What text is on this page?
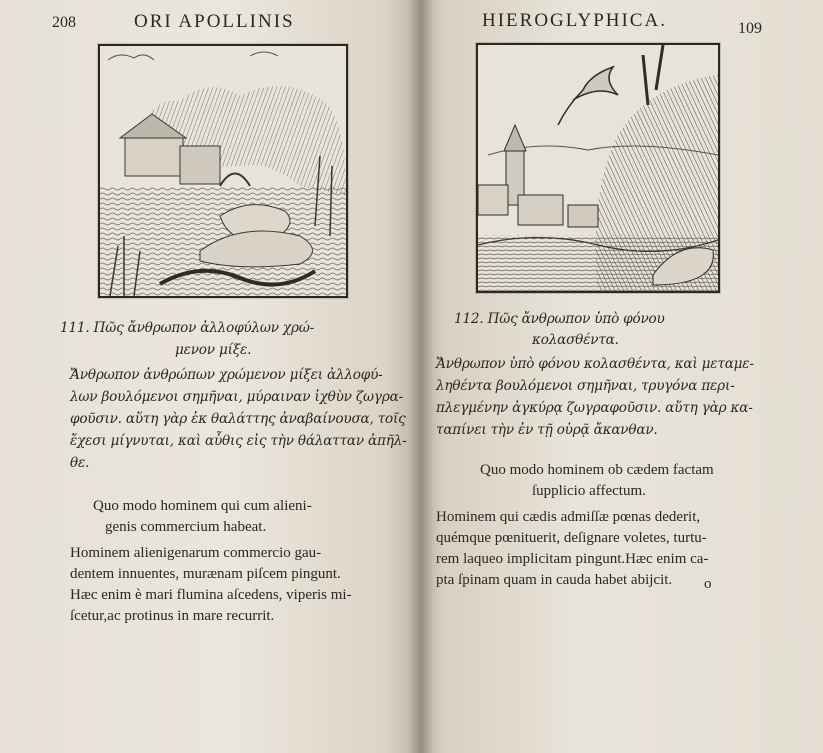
208	ORI APOLLINIS
111. Πῶς ἄνθρωπον ἀλλοφύλων χρώ-
μενον μίξε.
Ἄνθρωπον ἀνθρώπων χρώμενον μίξει ἀλλοφύ-
λων βουλόμενοι σημῆναι, μύραιναν ἰχθὺν ζωγρα-
φοῦσιν. αὕτη γὰρ ἐκ θαλάττης ἀναβαίνουσα, τοῖς
ἔχεσι μίγνυται, καὶ αὖθις εἰς τὴν θάλατταν ἀπῆλ-
θε.
Quo modo hominem qui cum alieni-
genis commercium habeat.
Hominem alienigenarum commercio gau-
dentem innuentes, murænam piſcem pingunt.
Hæc enim è mari flumina aſcedens, viperis mi-
ſcetur,ac protinus in mare recurrit.
HIEROGLYPHICA.	109
112. Πῶς ἄνθρωπον ὑπὸ φόνου
κολασθέντα.
Ἄνθρωπον ὑπὸ φόνου κολασθέντα, καὶ μεταμε-
ληθέντα βουλόμενοι σημῆναι, τρυγόνα περι-
πλεγμένην ἀγκύρᾳ ζωγραφοῦσιν. αὕτη γὰρ κα-
ταπίνει τὴν ἐν τῇ οὐρᾷ ἄκανθαν.
Quo modo hominem ob cædem factam
ſupplicio affectum.
Hominem qui cædis admiſſæ pœnas dederit,
quémque pœnituerit, deſignare voletes, turtu-
rem laqueo implicitam pingunt.Hæc enim ca-
pta ſpinam quam in cauda habet abijcit. o
